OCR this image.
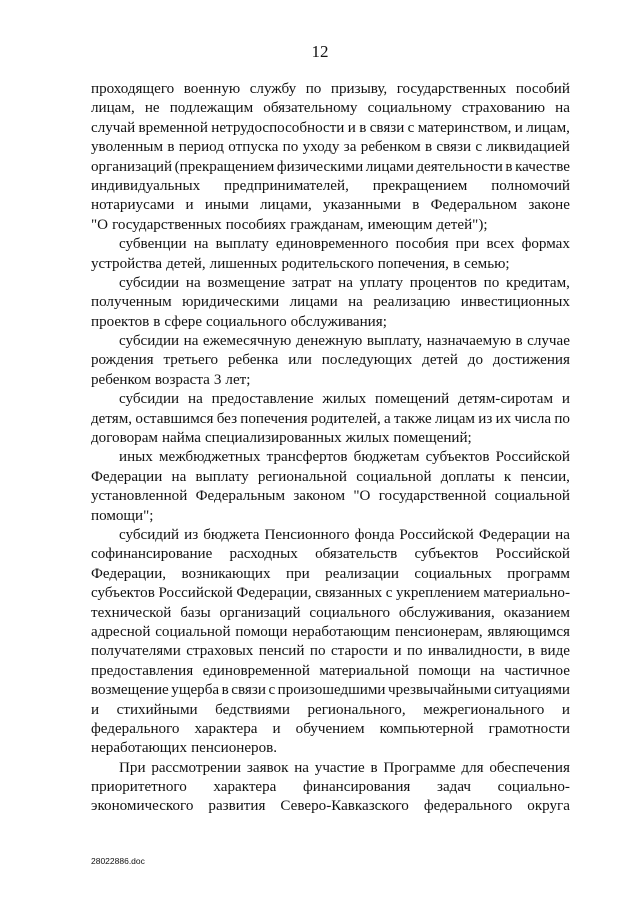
12
проходящего военную службу по призыву, государственных пособий
лицам, не подлежащим обязательному социальному страхованию на
случай временной нетрудоспособности и в связи с материнством, и лицам,
уволенным в период отпуска по уходу за ребенком в связи с ликвидацией
организаций (прекращением физическими лицами деятельности в качестве
индивидуальных предпринимателей, прекращением полномочий
нотариусами и иными лицами, указанными в Федеральном законе
"О государственных пособиях гражданам, имеющим детей");
субвенции на выплату единовременного пособия при всех формах
устройства детей, лишенных родительского попечения, в семью;
субсидии на возмещение затрат на уплату процентов по кредитам,
полученным юридическими лицами на реализацию инвестиционных
проектов в сфере социального обслуживания;
субсидии на ежемесячную денежную выплату, назначаемую в случае
рождения третьего ребенка или последующих детей до достижения
ребенком возраста 3 лет;
субсидии на предоставление жилых помещений детям-сиротам и
детям, оставшимся без попечения родителей, а также лицам из их числа по
договорам найма специализированных жилых помещений;
иных межбюджетных трансфертов бюджетам субъектов Российской
Федерации на выплату региональной социальной доплаты к пенсии,
установленной Федеральным законом "О государственной социальной
помощи";
субсидий из бюджета Пенсионного фонда Российской Федерации на
софинансирование расходных обязательств субъектов Российской
Федерации, возникающих при реализации социальных программ
субъектов Российской Федерации, связанных с укреплением материально-
технической базы организаций социального обслуживания, оказанием
адресной социальной помощи неработающим пенсионерам, являющимся
получателями страховых пенсий по старости и по инвалидности, в виде
предоставления единовременной материальной помощи на частичное
возмещение ущерба в связи с произошедшими чрезвычайными ситуациями
и стихийными бедствиями регионального, межрегионального и
федерального характера и обучением компьютерной грамотности
неработающих пенсионеров.
При рассмотрении заявок на участие в Программе для обеспечения
приоритетного характера финансирования задач социально-
экономического развития Северо-Кавказского федерального округа
28022886.doc
